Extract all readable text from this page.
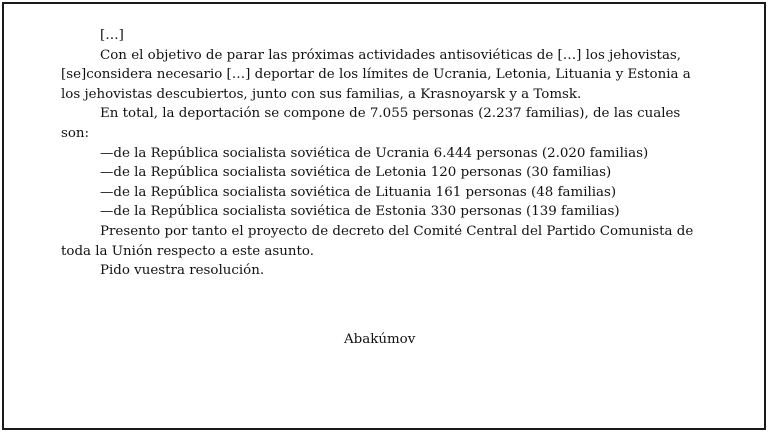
[…]

Con el objetivo de parar las próximas actividades antisoviéticas de […] los jehovistas, [se]considera necesario […] deportar de los límites de Ucrania, Letonia, Lituania y Estonia a los jehovistas descubiertos, junto con sus familias, a Krasnoyarsk y a Tomsk.

En total, la deportación se compone de 7.055 personas (2.237 familias), de las cuales son:

—de la República socialista soviética de Ucrania 6.444 personas (2.020 familias)

—de la República socialista soviética de Letonia 120 personas (30 familias)

—de la República socialista soviética de Lituania 161 personas (48 familias)

—de la República socialista soviética de Estonia 330 personas (139 familias)

Presento por tanto el proyecto de decreto del Comité Central del Partido Comunista de toda la Unión respecto a este asunto.

Pido vuestra resolución.

Abakúmov
